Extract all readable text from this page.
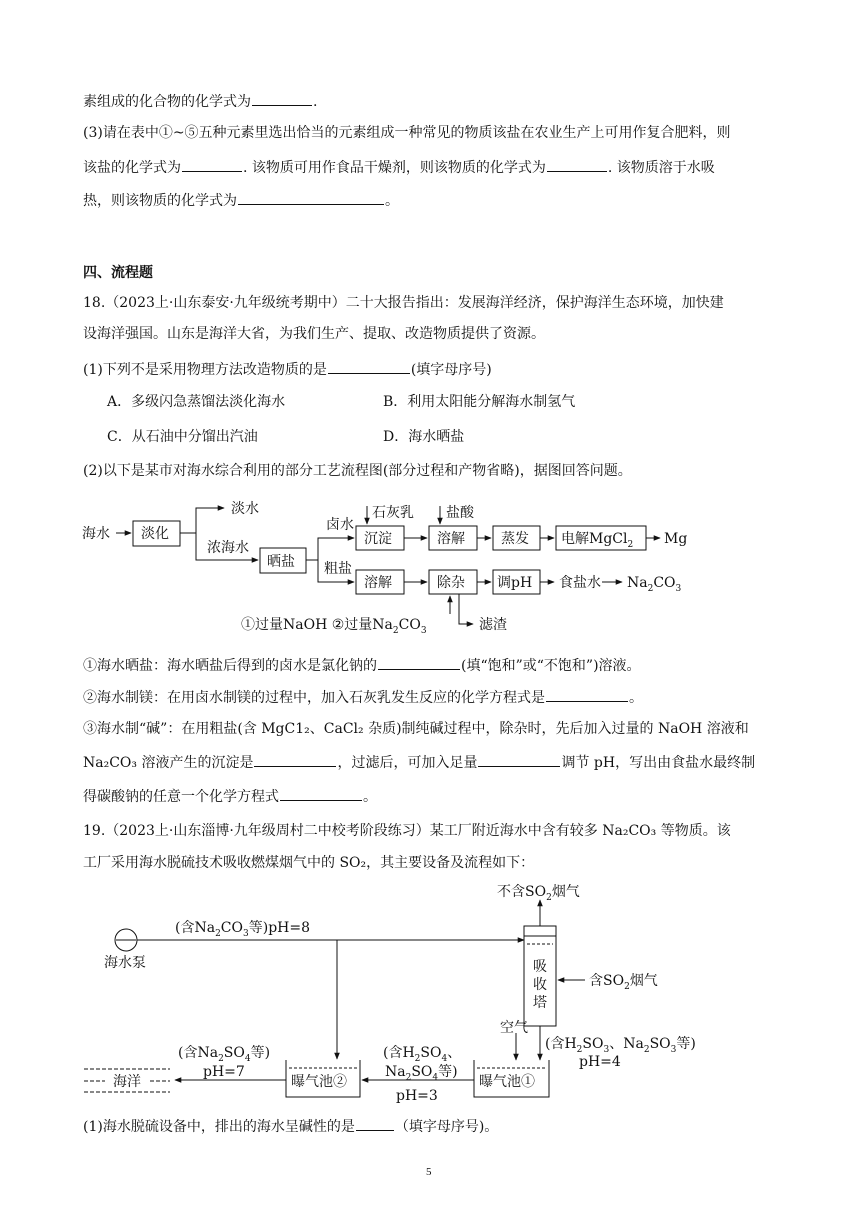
素组成的化合物的化学式为	.
(3)请在表中①~⑤五种元素里选出恰当的元素组成一种常见的物质该盐在农业生产上可用作复合肥料，则
该盐的化学式为	. 该物质可用作食品干燥剂，则该物质的化学式为	. 该物质溶于水吸
热，则该物质的化学式为	。
四、流程题
18.（2023上·山东泰安·九年级统考期中）二十大报告指出：发展海洋经济，保护海洋生态环境，加快建
设海洋强国。山东是海洋大省，为我们生产、提取、改造物质提供了资源。
(1)下列不是采用物理方法改造物质的是	(填字母序号)
A．多级闪急蒸馏法淡化海水	B．利用太阳能分解海水制氢气
C．从石油中分馏出汽油	D．海水晒盐
(2)以下是某市对海水综合利用的部分工艺流程图(部分过程和产物省略)，据图回答问题。
海水 淡化
淡水
浓海水
晒盐
卤水
粗盐
石灰乳 盐酸
沉淀	溶解	蒸发 电解MgCl$_2$ Mg
溶解	除杂 调pH 食盐水 $Na_2CO_3$
①过量NaOH ②过量$Na_2CO_3$	滤渣
①海水晒盐：海水晒盐后得到的卤水是氯化钠的	(填“饱和”或“不饱和”)溶液。
②海水制镁：在用卤水制镁的过程中，加入石灰乳发生反应的化学方程式是	。
③海水制“碱”：在用粗盐(含 MgC1₂、CaCl₂ 杂质)制纯碱过程中，除杂时，先后加入过量的 NaOH 溶液和
Na₂CO₃ 溶液产生的沉淀是	，过滤后，可加入足量	调节 pH，写出由食盐水最终制
得碳酸钠的任意一个化学方程式	。
19.（2023上·山东淄博·九年级周村二中校考阶段练习）某工厂附近海水中含有较多 Na₂CO₃ 等物质。该
工厂采用海水脱硫技术吸收燃煤烟气中的 SO₂，其主要设备及流程如下：
不含$SO_2$烟气
(含$Na_2CO_3$等)pH=8
海水泵	吸
收
塔
含$SO_2$烟气
空气
(含$H_2SO_3$、$Na_2SO_3$等)
pH=4
(含$H_2SO_4$、
$Na_2SO_4$等)
pH=3
(含$Na_2SO_4$等)
pH=7
曝气池②	曝气池①
海洋
(1)海水脱硫设备中，排出的海水呈碱性的是	（填字母序号)。
5
